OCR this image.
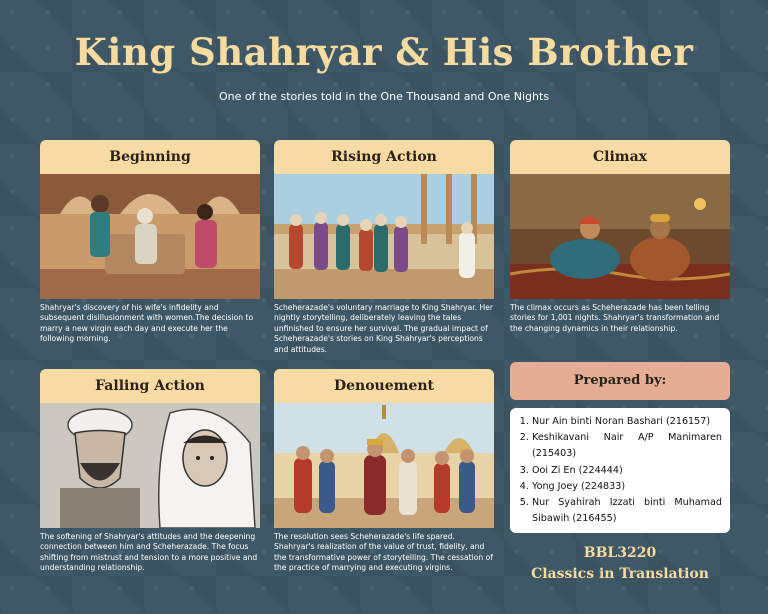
King Shahryar & His Brother

One of the stories told in the One Thousand and One Nights

Beginning
Shahryar's discovery of his wife's infidelity and subsequent disillusionment with women.The decision to marry a new virgin each day and execute her the following morning.
Rising Action
Scheherazade's voluntary marriage to King Shahryar. Her nightly storytelling, deliberately leaving the tales unfinished to ensure her survival. The gradual impact of Scheherazade's stories on King Shahryar's perceptions and attitudes.
Climax
The climax occurs as Scheherazade has been telling stories for 1,001 nights. Shahryar's transformation and the changing dynamics in their relationship.
Falling Action
The softening of Shahryar's attitudes and the deepening connection between him and Scheherazade. The focus shifting from mistrust and tension to a more positive and understanding relationship.
Denouement
The resolution sees Scheherazade's life spared. Shahryar's realization of the value of trust, fidelity, and the transformative power of storytelling. The cessation of the practice of marrying and executing virgins.
Prepared by:
1. Nur Ain binti Noran Bashari (216157)
2. Keshikavani Nair A/P Manimaren (215403)
3. Ooi Zi En (224444)
4. Yong Joey (224833)
5. Nur Syahirah Izzati binti Muhamad Sibawih (216455)
BBL3220
Classics in Translation
